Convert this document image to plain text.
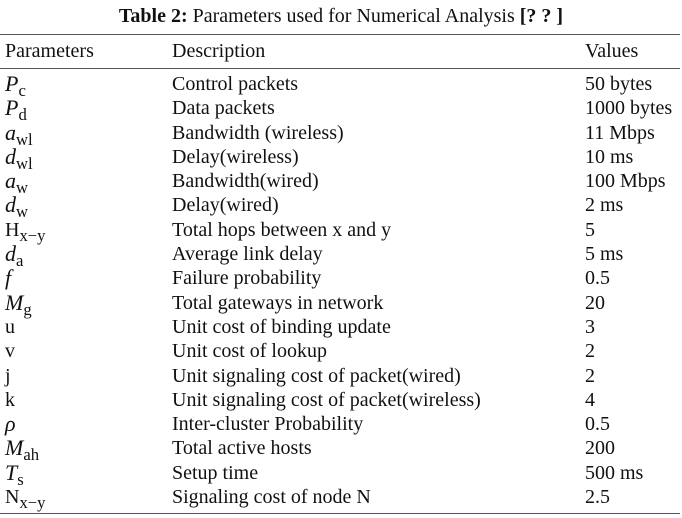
Table 2: Parameters used for Numerical Analysis [? ? ]
Parameters	Description	Values
$P_c$	Control packets	50 bytes
$P_d$	Data packets	1000 bytes
$a_{wl}$	Bandwidth (wireless)	11 Mbps
$d_{wl}$	Delay(wireless)	10 ms
$a_w$	Bandwidth(wired)	100 Mbps
$d_w$	Delay(wired)	2 ms
$H_{x-y}$	Total hops between x and y	5
$d_a$	Average link delay	5 ms
f	Failure probability	0.5
$M_g$	Total gateways in network	20
u	Unit cost of binding update	3
v	Unit cost of lookup	2
j	Unit signaling cost of packet(wired)	2
k	Unit signaling cost of packet(wireless)	4
ρ	Inter-cluster Probability	0.5
$M_{ah}$	Total active hosts	200
$T_s$	Setup time	500 ms
$N_{x-y}$	Signaling cost of node N	2.5
